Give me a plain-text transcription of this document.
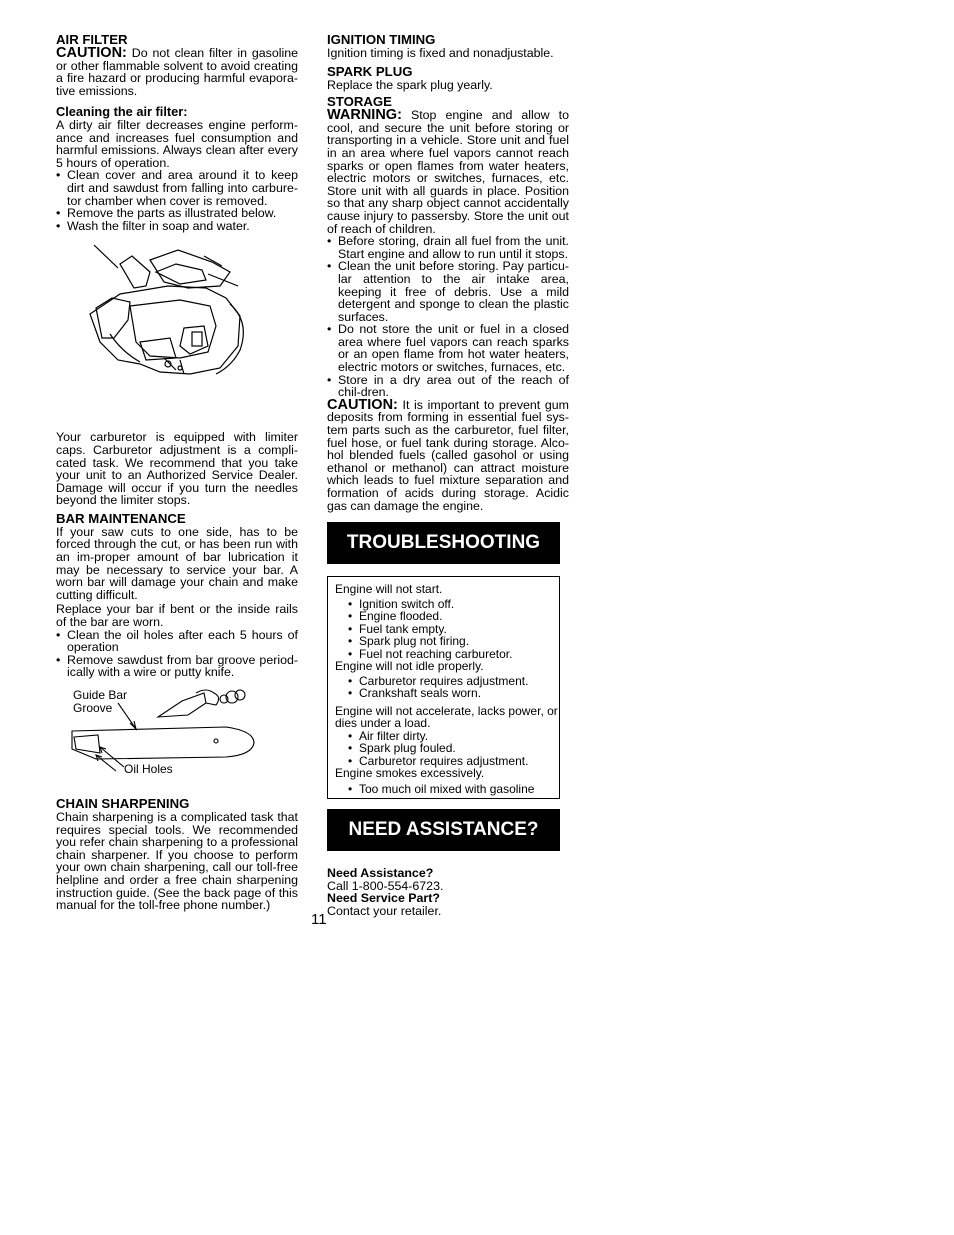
AIR FILTER

CAUTION: Do not clean filter in gasoline or other flammable solvent to avoid creating a fire hazard or producing harmful evapora-tive emissions.

Cleaning the air filter:

A dirty air filter decreases engine perform-ance and increases fuel consumption and harmful emissions. Always clean after every 5 hours of operation.

• Clean cover and area around it to keep dirt and sawdust from falling into carbure-tor chamber when cover is removed.
• Remove the parts as illustrated below.
• Wash the filter in soap and water.

Your carburetor is equipped with limiter caps. Carburetor adjustment is a compli-cated task. We recommend that you take your unit to an Authorized Service Dealer. Damage will occur if you turn the needles beyond the limiter stops.

BAR MAINTENANCE

If your saw cuts to one side, has to be forced through the cut, or has been run with an im-proper amount of bar lubrication it may be necessary to service your bar. A worn bar will damage your chain and make cutting difficult.

Replace your bar if bent or the inside rails of the bar are worn.

• Clean the oil holes after each 5 hours of operation
• Remove sawdust from bar groove period-ically with a wire or putty knife.
Guide Bar
Groove
Oil Holes
CHAIN SHARPENING

Chain sharpening is a complicated task that requires special tools. We recommended you refer chain sharpening to a professional chain sharpener. If you choose to perform your own chain sharpening, call our toll-free helpline and order a free chain sharpening instruction guide. (See the back page of this manual for the toll-free phone number.)

IGNITION TIMING

Ignition timing is fixed and nonadjustable.

SPARK PLUG

Replace the spark plug yearly.

STORAGE

WARNING: Stop engine and allow to cool, and secure the unit before storing or transporting in a vehicle. Store unit and fuel in an area where fuel vapors cannot reach sparks or open flames from water heaters, electric motors or switches, furnaces, etc. Store unit with all guards in place. Position so that any sharp object cannot accidentally cause injury to passersby. Store the unit out of reach of children.

• Before storing, drain all fuel from the unit. Start engine and allow to run until it stops.
• Clean the unit before storing. Pay particu-lar attention to the air intake area, keeping it free of debris. Use a mild detergent and sponge to clean the plastic surfaces.
• Do not store the unit or fuel in a closed area where fuel vapors can reach sparks or an open flame from hot water heaters, electric motors or switches, furnaces, etc.
• Store in a dry area out of the reach of chil-dren.

CAUTION: It is important to prevent gum deposits from forming in essential fuel sys-tem parts such as the carburetor, fuel filter, fuel hose, or fuel tank during storage. Alco-hol blended fuels (called gasohol or using ethanol or methanol) can attract moisture which leads to fuel mixture separation and formation of acids during storage. Acidic gas can damage the engine.

TROUBLESHOOTING
Engine will not start.
• Ignition switch off.
• Engine flooded.
• Fuel tank empty.
• Spark plug not firing.
• Fuel not reaching carburetor.
Engine will not idle properly.
• Carburetor requires adjustment.
• Crankshaft seals worn.
Engine will not accelerate, lacks power, or dies under a load.
• Air filter dirty.
• Spark plug fouled.
• Carburetor requires adjustment.
Engine smokes excessively.
• Too much oil mixed with gasoline
NEED ASSISTANCE?
Need Assistance?
Call 1-800-554-6723.
Need Service Part?
Contact your retailer.
11
